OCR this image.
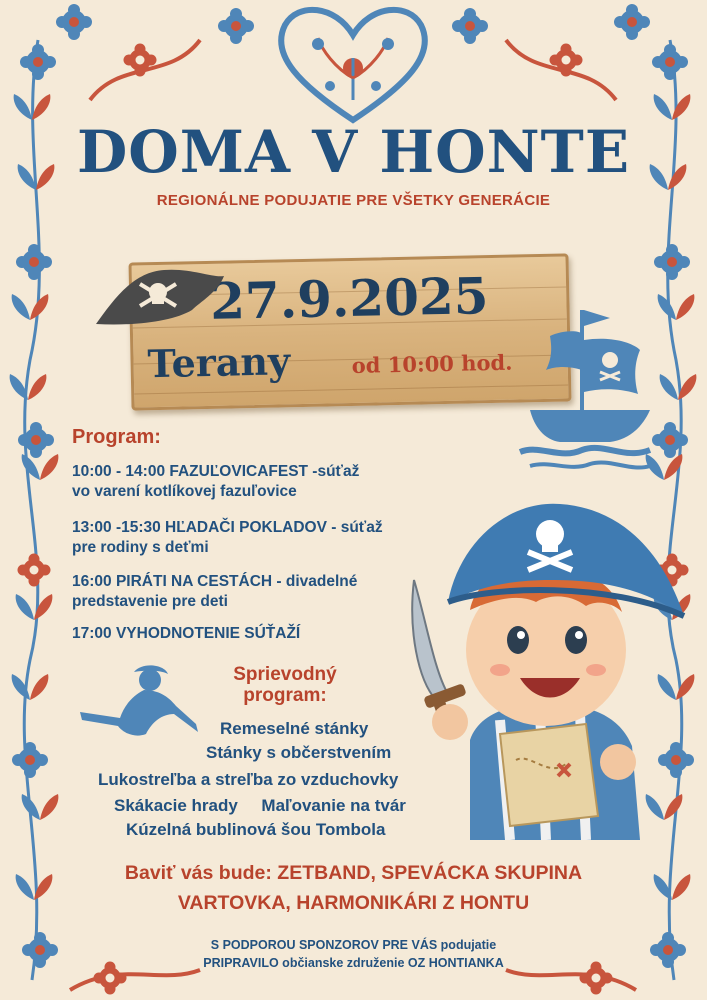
DOMA V HONTE
REGIONÁLNE PODUJATIE PRE VŠETKY GENERÁCIE
27.9.2025
Terany	od 10:00 hod.
Program:
10:00 - 14:00 FAZUĽOVICAFEST -súťaž
vo varení kotlíkovej fazuľovice
13:00 -15:30 HĽADAČI POKLADOV - súťaž
pre rodiny s deťmi
16:00 PIRÁTI NA CESTÁCH - divadelné
predstavenie pre deti
17:00 VYHODNOTENIE SÚŤAŽÍ
Sprievodný
program:
Remeselné stánky
Stánky s občerstvením
Lukostreľba a streľba zo vzduchovky
Skákacie hrady     Maľovanie na tvár
Kúzelná bublinová šou Tombola
Baviť vás bude: ZETBAND, SPEVÁCKA SKUPINA
VARTOVKA, HARMONIKÁRI Z HONTU
S PODPOROU SPONZOROV PRE VÁS podujatie
PRIPRAVILO občianske združenie OZ HONTIANKA
